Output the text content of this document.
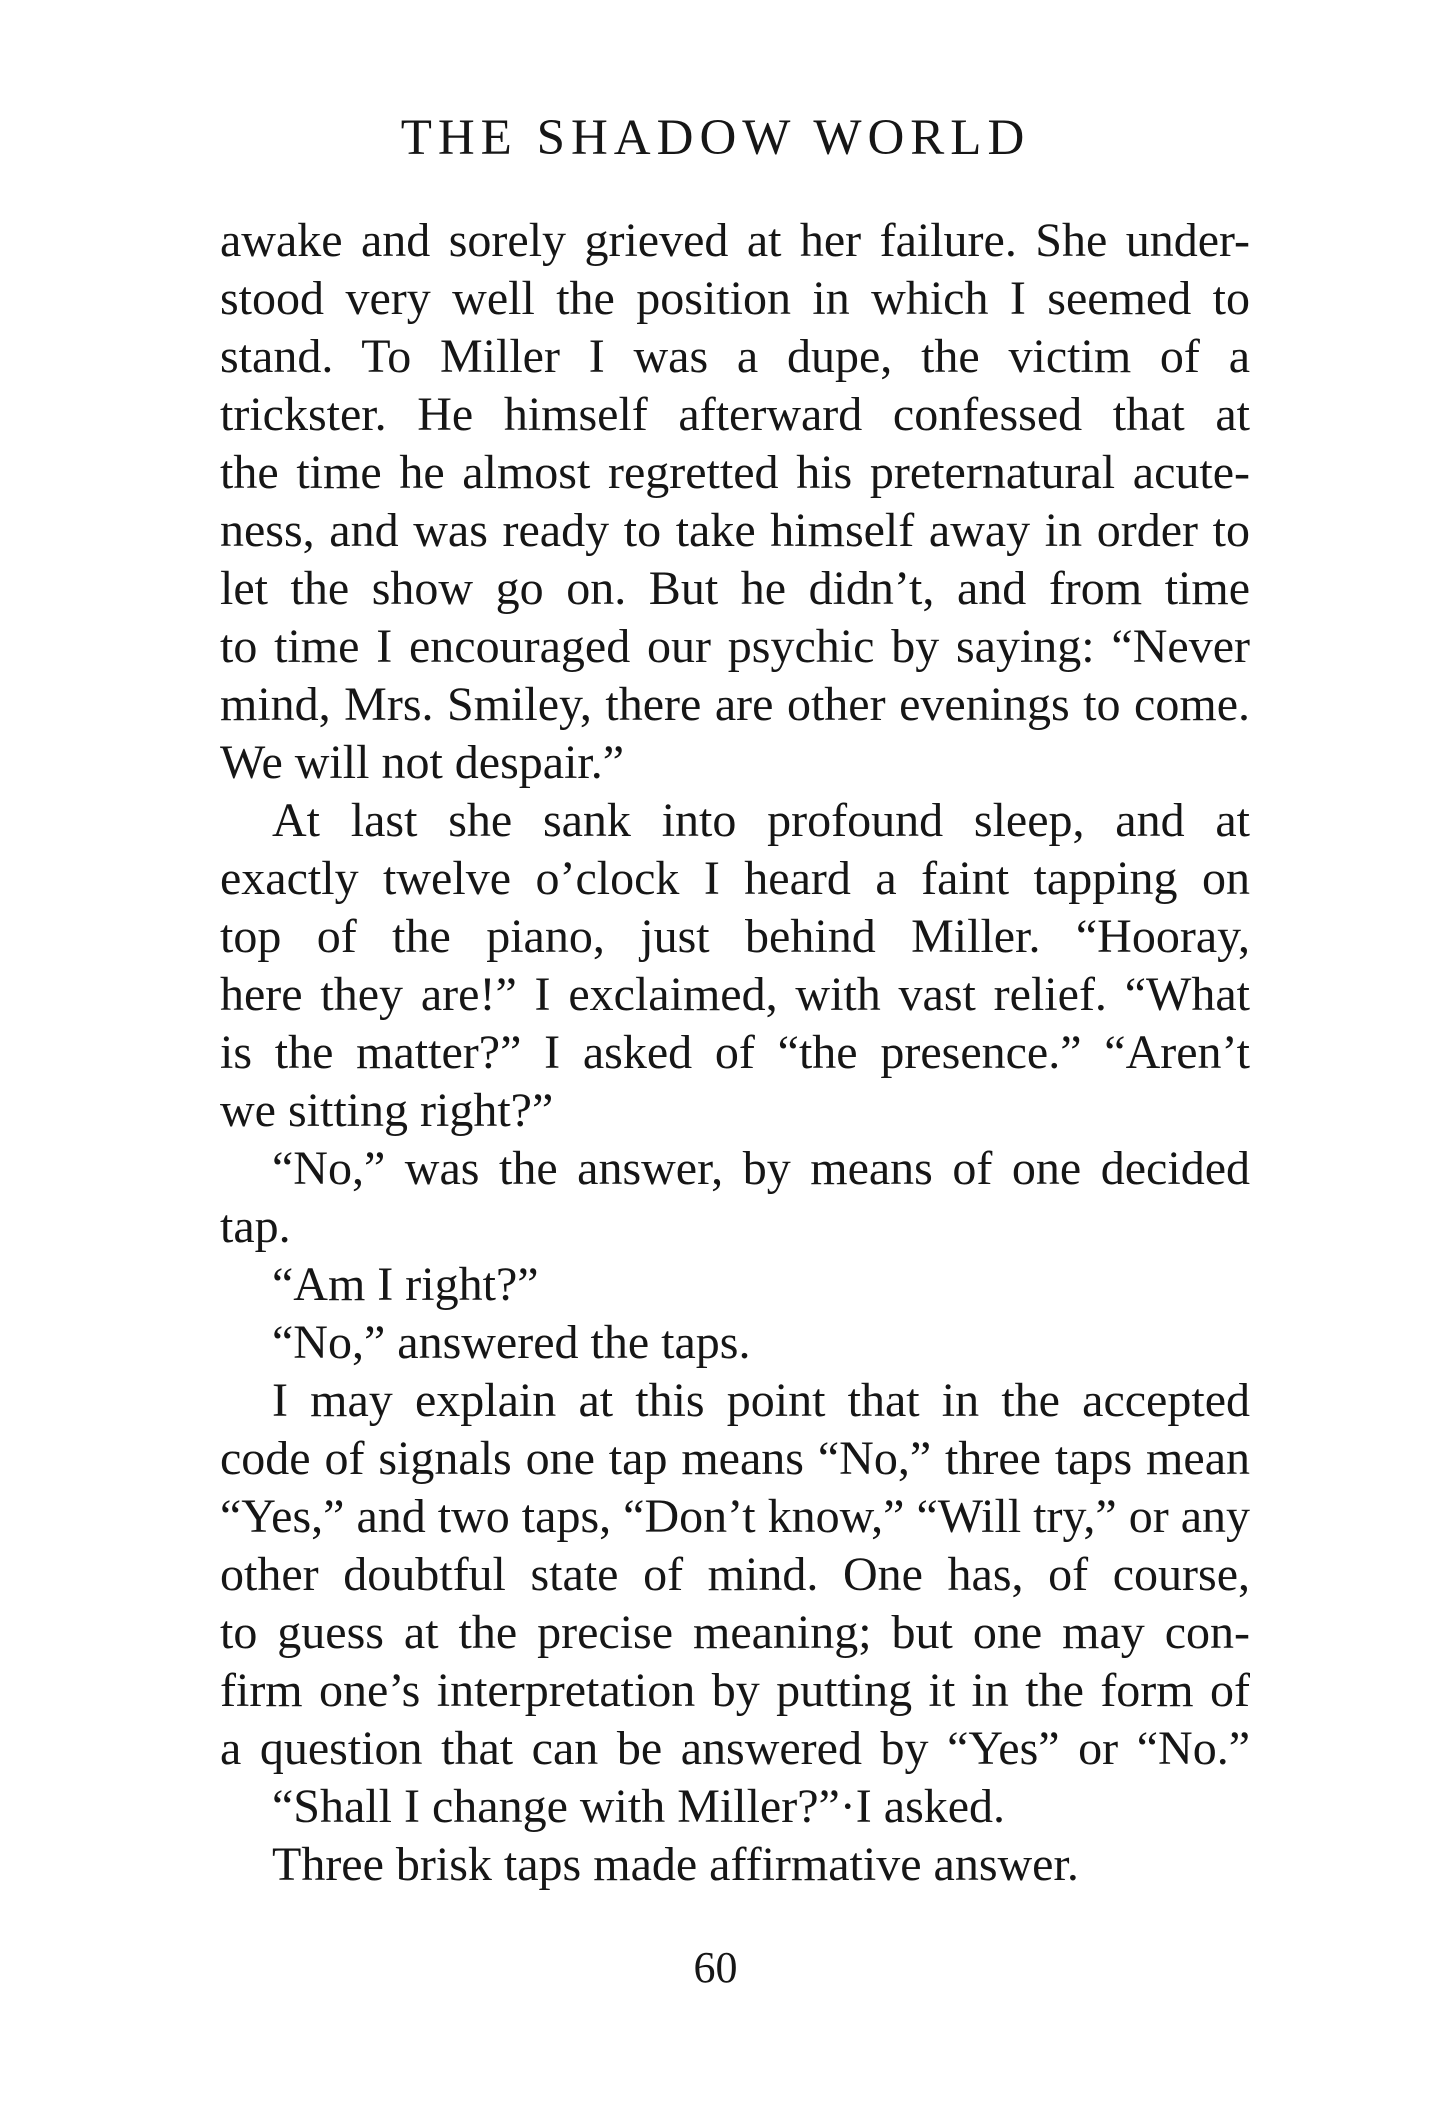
THE SHADOW WORLD
awake and sorely grieved at her failure. She under-
stood very well the position in which I seemed to
stand. To Miller I was a dupe, the victim of a
trickster. He himself afterward confessed that at
the time he almost regretted his preternatural acute-
ness, and was ready to take himself away in order to
let the show go on. But he didn’t, and from time
to time I encouraged our psychic by saying: “Never
mind, Mrs. Smiley, there are other evenings to come.
We will not despair.”
At last she sank into profound sleep, and at
exactly twelve o’clock I heard a faint tapping on
top of the piano, just behind Miller. “Hooray,
here they are!” I exclaimed, with vast relief. “What
is the matter?” I asked of “the presence.” “Aren’t
we sitting right?”
“No,” was the answer, by means of one decided
tap.
“Am I right?”
“No,” answered the taps.
I may explain at this point that in the accepted
code of signals one tap means “No,” three taps mean
“Yes,” and two taps, “Don’t know,” “Will try,” or any
other doubtful state of mind. One has, of course,
to guess at the precise meaning; but one may con-
firm one’s interpretation by putting it in the form of
a question that can be answered by “Yes” or “No.”
“Shall I change with Miller?”·I asked.
Three brisk taps made affirmative answer.
60
